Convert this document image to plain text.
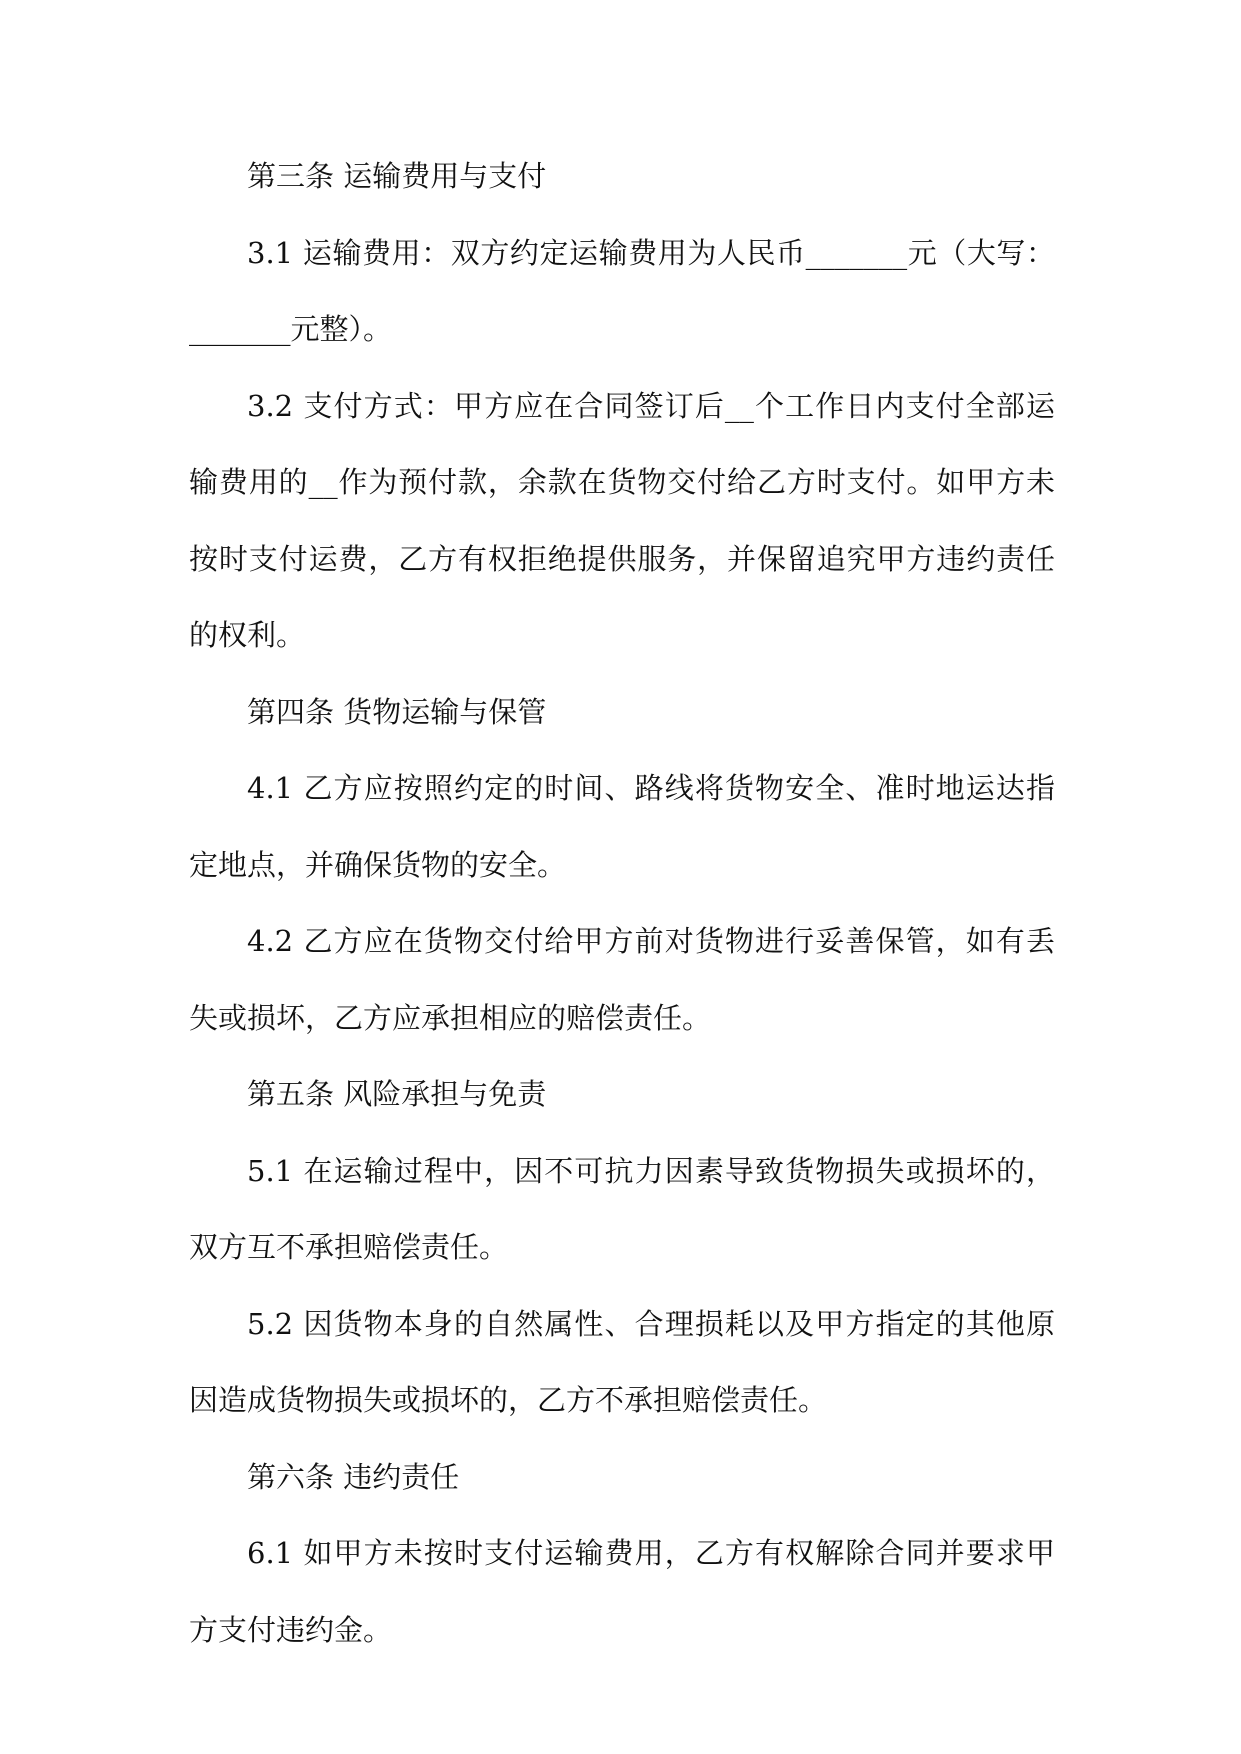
第三条 运输费用与支付

3.1 运输费用：双方约定运输费用为人民币_______元（大写：_______元整）。

3.2 支付方式：甲方应在合同签订后__个工作日内支付全部运输费用的__作为预付款，余款在货物交付给乙方时支付。如甲方未按时支付运费，乙方有权拒绝提供服务，并保留追究甲方违约责任的权利。

第四条 货物运输与保管

4.1 乙方应按照约定的时间、路线将货物安全、准时地运达指定地点，并确保货物的安全。

4.2 乙方应在货物交付给甲方前对货物进行妥善保管，如有丢失或损坏，乙方应承担相应的赔偿责任。

第五条 风险承担与免责

5.1 在运输过程中，因不可抗力因素导致货物损失或损坏的，双方互不承担赔偿责任。

5.2 因货物本身的自然属性、合理损耗以及甲方指定的其他原因造成货物损失或损坏的，乙方不承担赔偿责任。

第六条 违约责任

6.1 如甲方未按时支付运输费用，乙方有权解除合同并要求甲方支付违约金。
